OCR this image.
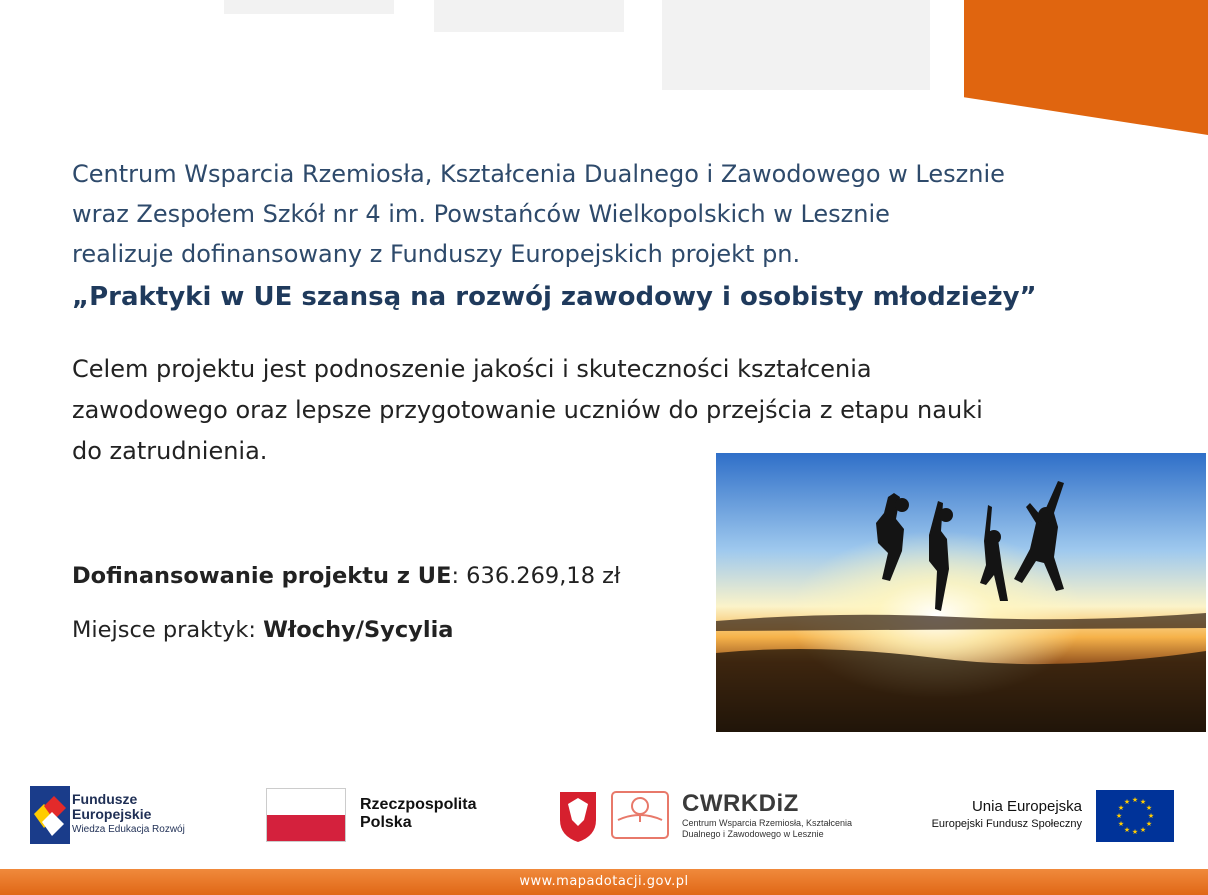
Centrum Wsparcia Rzemiosła, Kształcenia Dualnego i Zawodowego w Lesznie
wraz Zespołem Szkół nr 4 im. Powstańców Wielkopolskich w Lesznie
realizuje dofinansowany z Funduszy Europejskich projekt pn.
„Praktyki w UE szansą na rozwój zawodowy i osobisty młodzieży”
Celem projektu jest podnoszenie jakości i skuteczności kształcenia
zawodowego oraz lepsze przygotowanie uczniów do przejścia z etapu nauki
do zatrudnienia.
Dofinansowanie projektu z UE: 636.269,18 zł
Miejsce praktyk: Włochy/Sycylia
Fundusze
Europejskie
Wiedza Edukacja Rozwój
Rzeczpospolita
Polska
CWRKDiZ
Centrum Wsparcia Rzemiosła, Kształcenia
Dualnego i Zawodowego w Lesznie
Unia Europejska
Europejski Fundusz Społeczny
★ ★
★
★
★
★
★
★
★
★
★
★
www.mapadotacji.gov.pl
